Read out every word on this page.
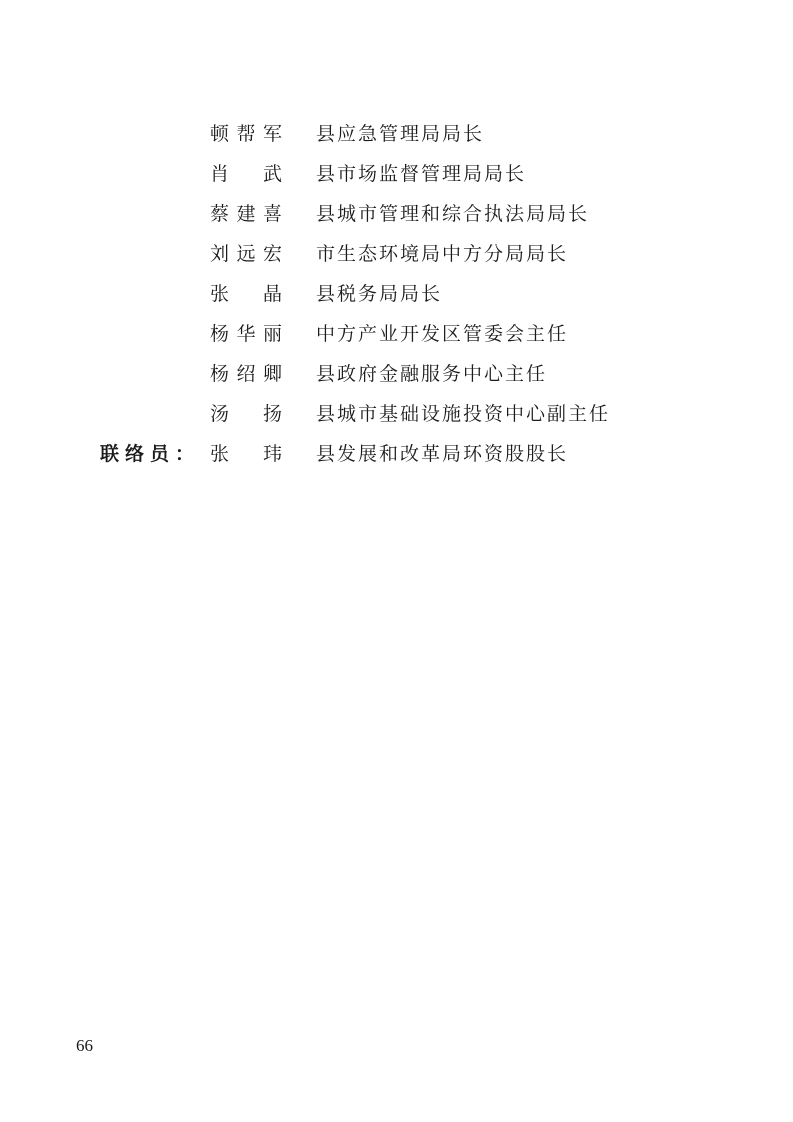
顿帮军	县应急管理局局长
肖　武	县市场监督管理局局长
蔡建喜	县城市管理和综合执法局局长
刘远宏	市生态环境局中方分局局长
张　晶	县税务局局长
杨华丽	中方产业开发区管委会主任
杨绍卿	县政府金融服务中心主任
汤　扬	县城市基础设施投资中心副主任
联络员： 张　玮	县发展和改革局环资股股长
66
